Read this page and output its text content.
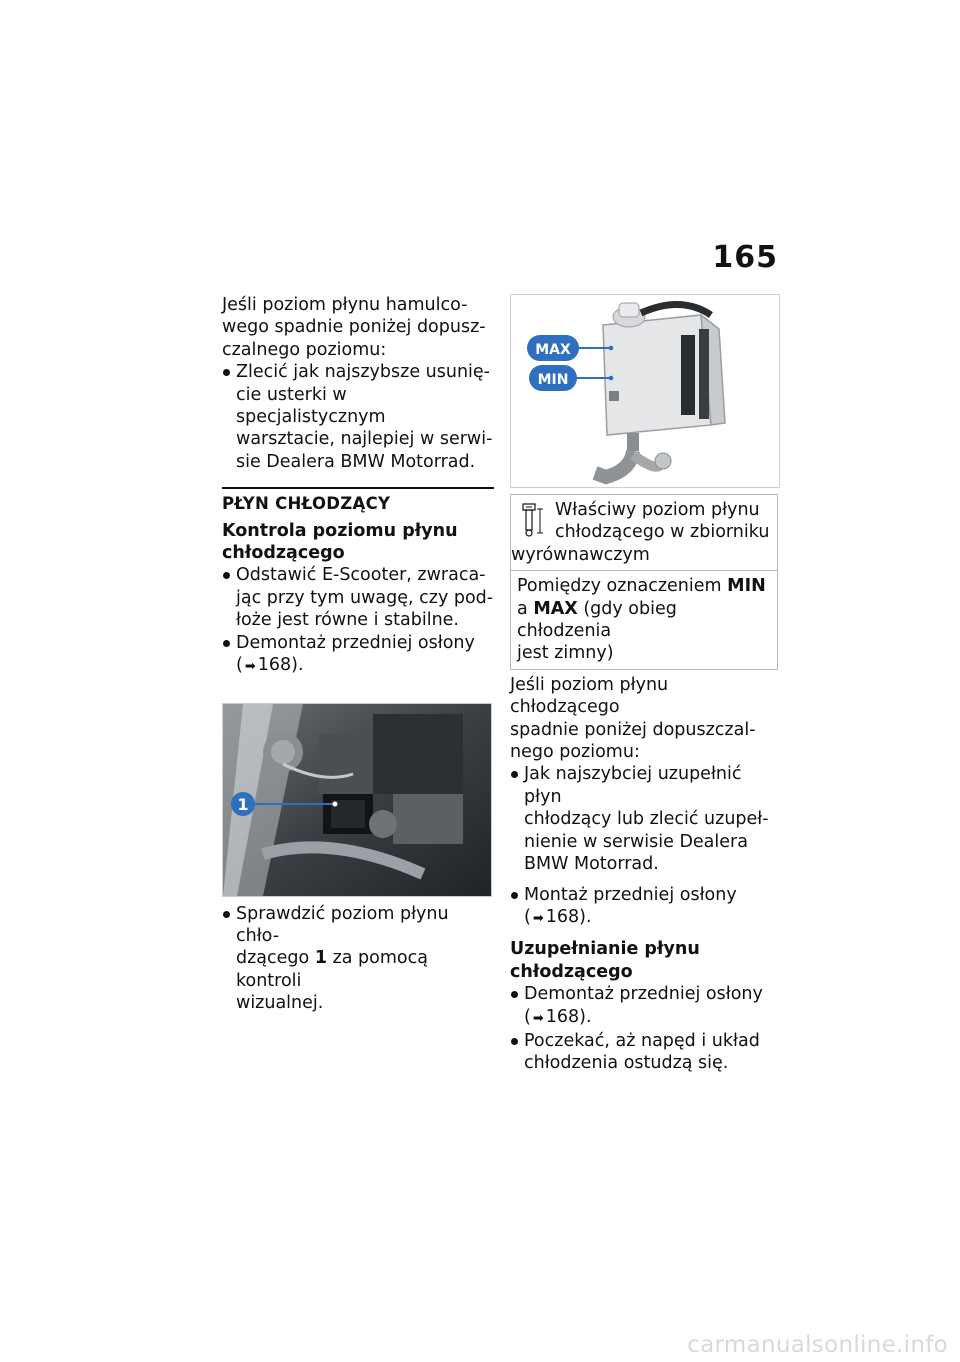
165

Jeśli poziom płynu hamulco-
wego spadnie poniżej dopusz-
czalnego poziomu:

Zlecić jak najszybsze usunię-
cie usterki w specjalistycznym
warsztacie, najlepiej w serwi-
sie Dealera BMW Motorrad.

PŁYN CHŁODZĄCY

Kontrola poziomu płynu
chłodzącego

Odstawić E-Scooter, zwraca-
jąc przy tym uwagę, czy pod-
łoże jest równe i stabilne.

Demontaż przedniej osłony
( ➡ 168).

1

Sprawdzić poziom płynu chło-
dzącego 1 za pomocą kontroli
wizualnej.

MAX
MIN
Właściwy poziom płynu
chłodzącego w zbiorniku
wyrównawczym
Pomiędzy oznaczeniem MIN
a MAX (gdy obieg chłodzenia
jest zimny)

Jeśli poziom płynu chłodzącego
spadnie poniżej dopuszczal-
nego poziomu:

Jak najszybciej uzupełnić płyn
chłodzący lub zlecić uzupeł-
nienie w serwisie Dealera
BMW Motorrad.

Montaż przedniej osłony
( ➡ 168).

Uzupełnianie płynu
chłodzącego

Demontaż przedniej osłony
( ➡ 168).

Poczekać, aż napęd i układ
chłodzenia ostudzą się.

carmanualsonline.info
